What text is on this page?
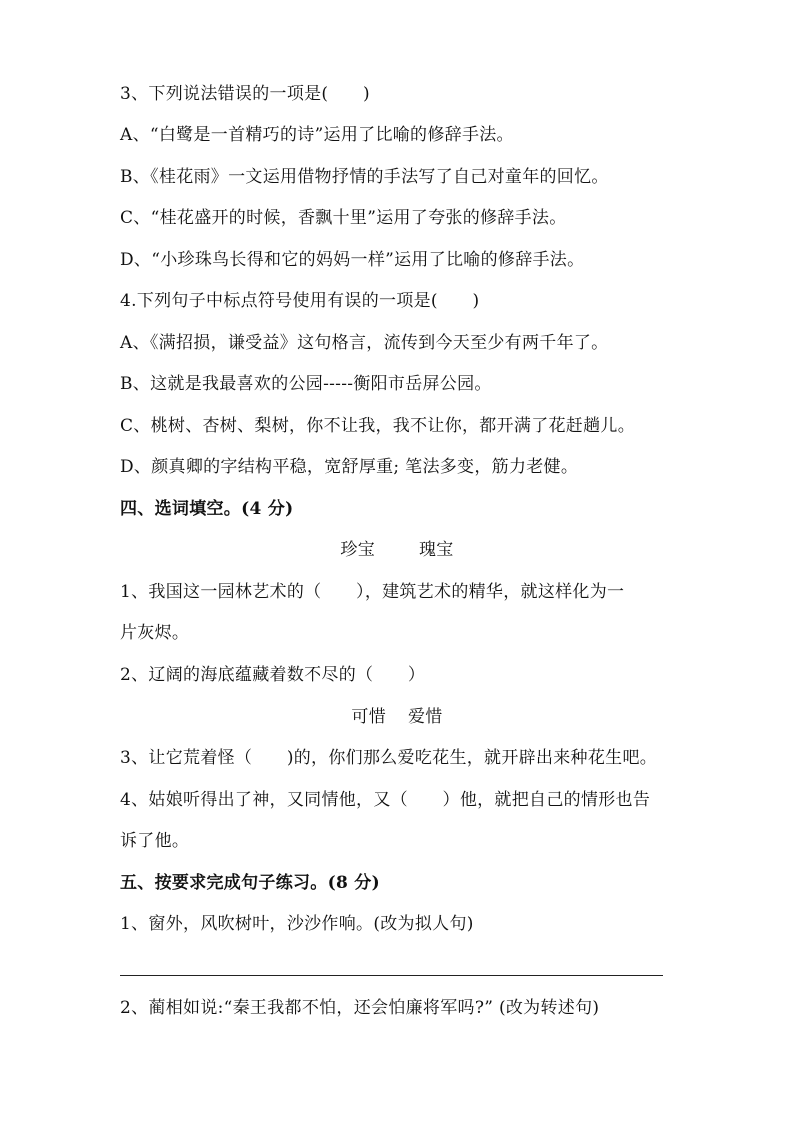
3、下列说法错误的一项是(　　)
A、“白鹭是一首精巧的诗”运用了比喻的修辞手法。
B、《桂花雨》一文运用借物抒情的手法写了自己对童年的回忆。
C、“桂花盛开的时候，香飘十里”运用了夸张的修辞手法。
D、“小珍珠鸟长得和它的妈妈一样”运用了比喻的修辞手法。
4.下列句子中标点符号使用有误的一项是(　　)
A、《满招损，谦受益》这句格言，流传到今天至少有两千年了。
B、这就是我最喜欢的公园-----衡阳市岳屏公园。
C、桃树、杏树、梨树，你不让我，我不让你，都开满了花赶趟儿。
D、颜真卿的字结构平稳，宽舒厚重; 笔法多变，筋力老健。
四、选词填空。(4 分)
珍宝	瑰宝
1、我国这一园林艺术的（　　），建筑艺术的精华，就这样化为一
片灰烬。
2、辽阔的海底蕴藏着数不尽的（　　）
可惜 爱惜
3、让它荒着怪（　　)的，你们那么爱吃花生，就开辟出来种花生吧。
4、姑娘听得出了神，又同情他，又（　　）他，就把自己的情形也告
诉了他。
五、按要求完成句子练习。(8 分)
1、窗外，风吹树叶，沙沙作响。(改为拟人句)
2、蔺相如说:“秦王我都不怕，还会怕廉将军吗?” (改为转述句)
